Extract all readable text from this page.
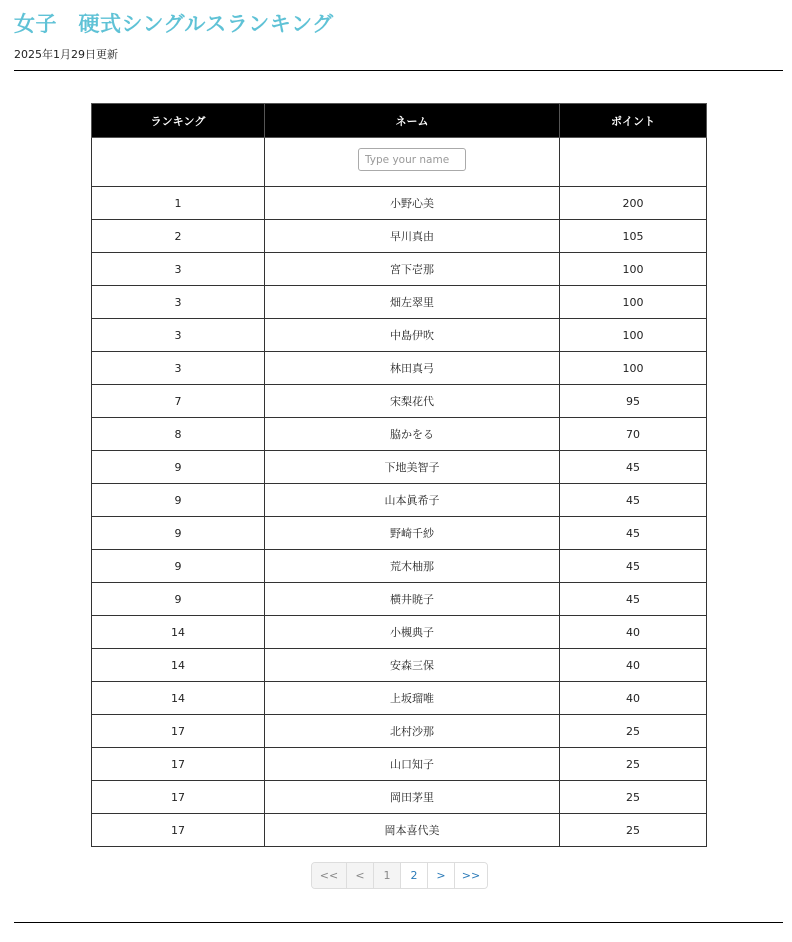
女子　硬式シングルスランキング
2025年1月29日更新
ランキング	ネーム	ポイント
	Type your name	
1	小野心美	200
2	早川真由	105
3	宮下壱那	100
3	畑左翠里	100
3	中島伊吹	100
3	林田真弓	100
7	宋梨花代	95
8	脇かをる	70
9	下地美智子	45
9	山本眞希子	45
9	野崎千紗	45
9	荒木柚那	45
9	横井暁子	45
14	小槻典子	40
14	安森三保	40
14	上坂瑠唯	40
17	北村沙那	25
17	山口知子	25
17	岡田茅里	25
17	岡本喜代美	25
<<	<	1	2	>	>>
